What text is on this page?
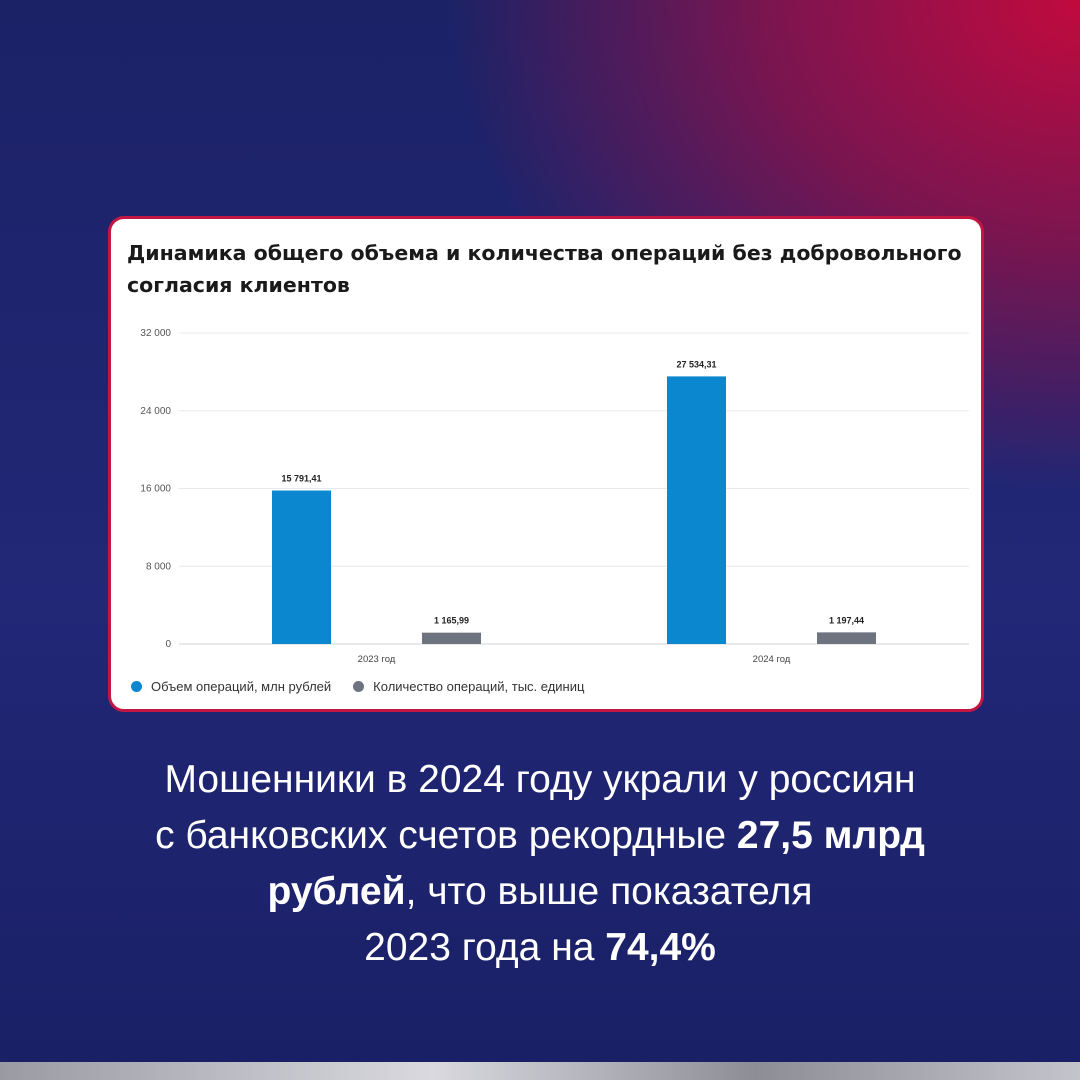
Динамика общего объема и количества операций без добровольного согласия клиентов
0
8 000
16 000
24 000
32 000
15 791,41
1 165,99
2023 год
27 534,31
1 197,44
2024 год
Объем операций, млн рублей	Количество операций, тыс. единиц

Мошенники в 2024 году украли у россиян
с банковских счетов рекордные 27,5 млрд
рублей, что выше показателя
2023 года на 74,4%
